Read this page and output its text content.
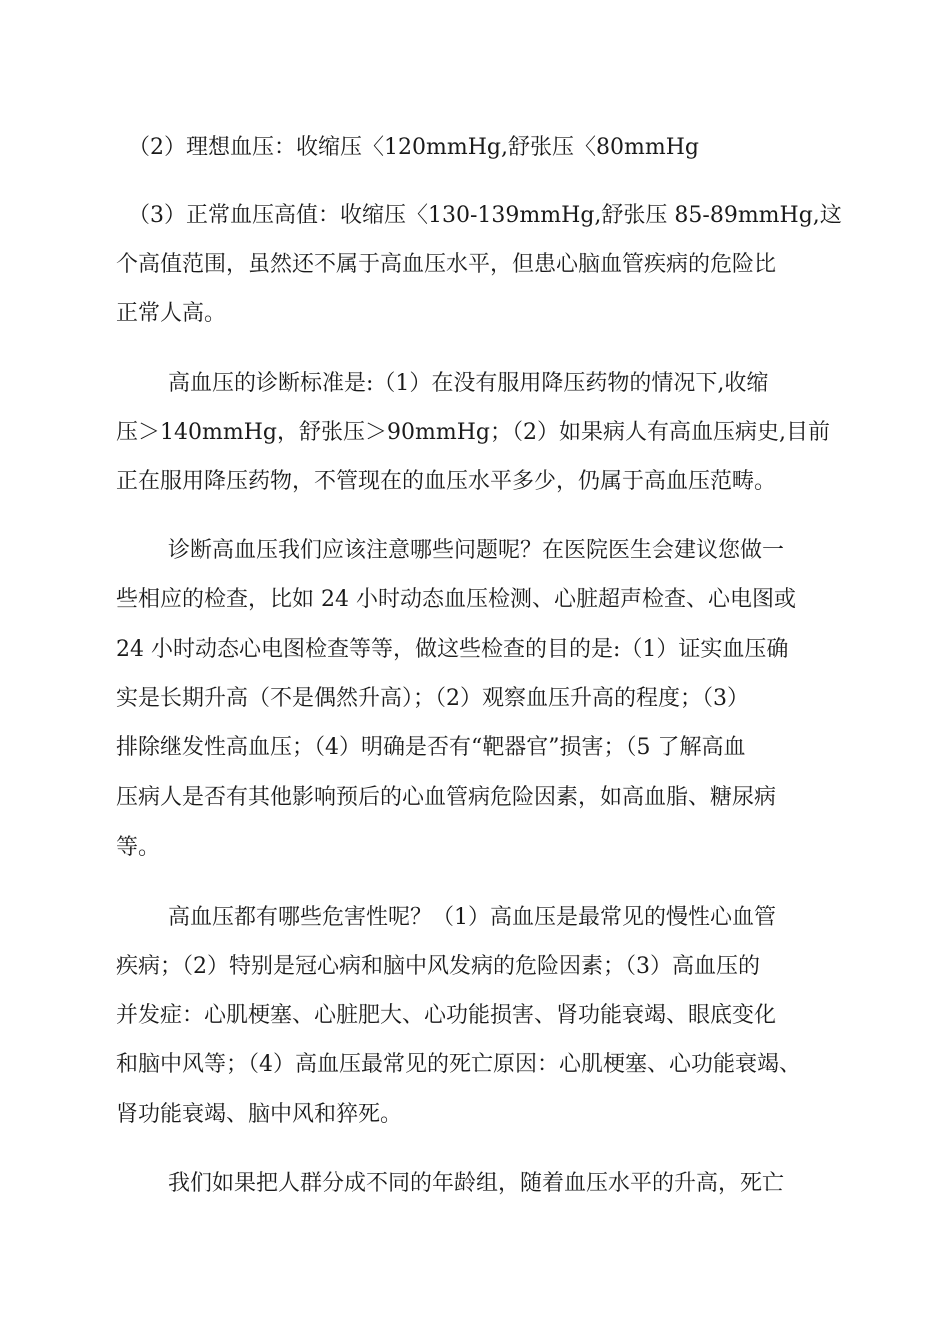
（2）理想血压：收缩压〈120mmHg,舒张压〈80mmHg
（3）正常血压高值：收缩压〈130-139mmHg,舒张压 85-89mmHg,这
个高值范围，虽然还不属于高血压水平，但患心脑血管疾病的危险比
正常人高。
高血压的诊断标准是:（1）在没有服用降压药物的情况下,收缩
压＞140mmHg，舒张压＞90mmHg；（2）如果病人有高血压病史,目前
正在服用降压药物，不管现在的血压水平多少，仍属于高血压范畴。
诊断高血压我们应该注意哪些问题呢？在医院医生会建议您做一
些相应的检查，比如 24 小时动态血压检测、心脏超声检查、心电图或
24 小时动态心电图检查等等，做这些检查的目的是:（1）证实血压确
实是长期升高（不是偶然升高）；（2）观察血压升高的程度；（3）
排除继发性高血压；（4）明确是否有“靶器官”损害；（5 了解高血
压病人是否有其他影响预后的心血管病危险因素，如高血脂、糖尿病
等。
高血压都有哪些危害性呢？（1）高血压是最常见的慢性心血管
疾病；（2）特别是冠心病和脑中风发病的危险因素；（3）高血压的
并发症：心肌梗塞、心脏肥大、心功能损害、肾功能衰竭、眼底变化
和脑中风等；（4）高血压最常见的死亡原因：心肌梗塞、心功能衰竭、
肾功能衰竭、脑中风和猝死。
我们如果把人群分成不同的年龄组，随着血压水平的升高，死亡
